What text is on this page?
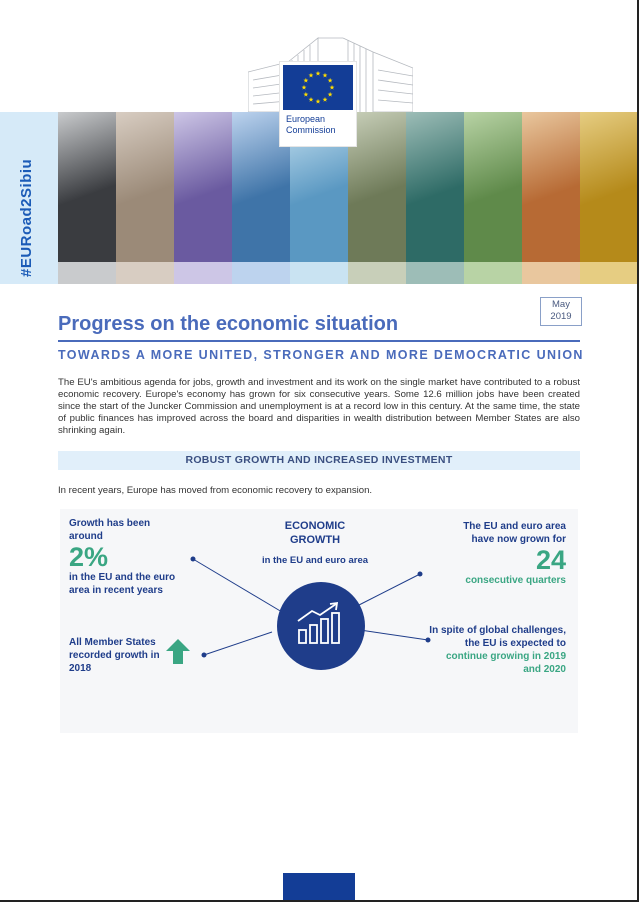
European
Commission
#EURoad2Sibiu
May
2019
Progress on the economic situation
TOWARDS A MORE UNITED, STRONGER AND MORE DEMOCRATIC UNION

The EU's ambitious agenda for jobs, growth and investment and its work on the single market have contributed to a robust economic recovery. Europe's economy has grown for six consecutive years. Some 12.6 million jobs have been created since the start of the Juncker Commission and unemployment is at a record low in this century. At the same time, the state of public finances has improved across the board and disparities in wealth distribution between Member States are also shrinking again.

ROBUST GROWTH AND INCREASED INVESTMENT
In recent years, Europe has moved from economic recovery to expansion.
ECONOMIC
GROWTH
in the EU and euro area
Growth has been
around
2%
in the EU and the euro
area in recent years
All Member States
recorded growth in
2018
The EU and euro area
have now grown for
24
consecutive quarters
In spite of global challenges,
the EU is expected to
continue growing in 2019
and 2020
